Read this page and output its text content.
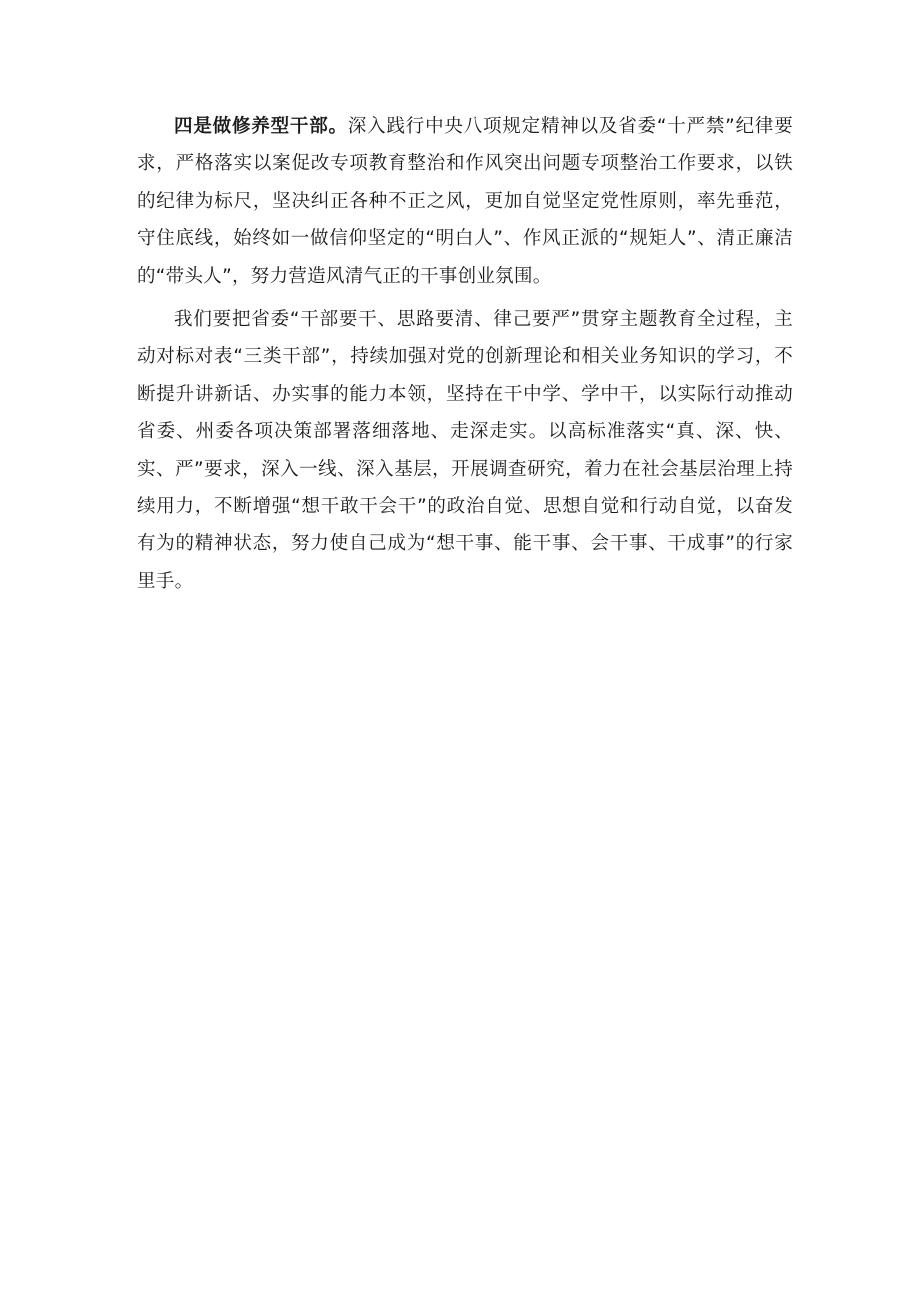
四是做修养型干部。深入践行中央八项规定精神以及省委“十严禁”纪律要求，严格落实以案促改专项教育整治和作风突出问题专项整治工作要求，以铁的纪律为标尺，坚决纠正各种不正之风，更加自觉坚定党性原则，率先垂范，守住底线，始终如一做信仰坚定的“明白人”、作风正派的“规矩人”、清正廉洁的“带头人”，努力营造风清气正的干事创业氛围。

我们要把省委“干部要干、思路要清、律己要严”贯穿主题教育全过程，主动对标对表“三类干部”，持续加强对党的创新理论和相关业务知识的学习，不断提升讲新话、办实事的能力本领，坚持在干中学、学中干，以实际行动推动省委、州委各项决策部署落细落地、走深走实。以高标准落实“真、深、快、实、严”要求，深入一线、深入基层，开展调查研究，着力在社会基层治理上持续用力，不断增强“想干敢干会干”的政治自觉、思想自觉和行动自觉，以奋发有为的精神状态，努力使自己成为“想干事、能干事、会干事、干成事”的行家里手。
